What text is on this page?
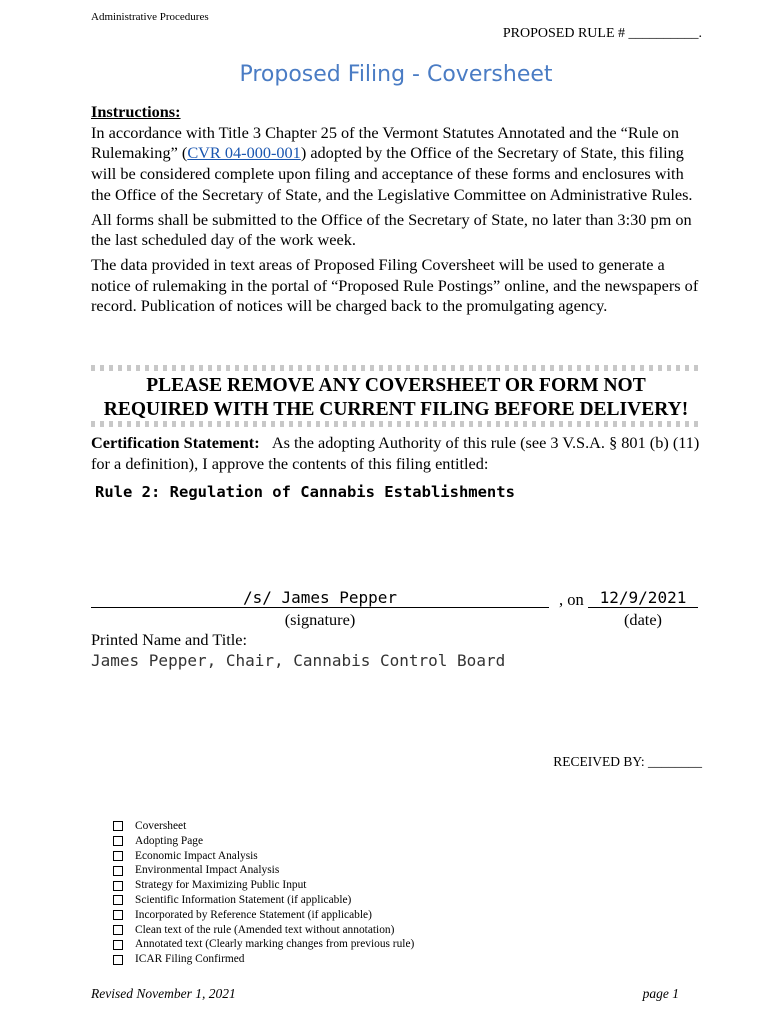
Administrative Procedures
PROPOSED RULE # __________.
Proposed Filing - Coversheet
Instructions:

In accordance with Title 3 Chapter 25 of the Vermont Statutes Annotated and the “Rule on Rulemaking” (CVR 04-000-001) adopted by the Office of the Secretary of State, this filing will be considered complete upon filing and acceptance of these forms and enclosures with the Office of the Secretary of State, and the Legislative Committee on Administrative Rules.

All forms shall be submitted to the Office of the Secretary of State, no later than 3:30 pm on the last scheduled day of the work week.

The data provided in text areas of Proposed Filing Coversheet will be used to generate a notice of rulemaking in the portal of “Proposed Rule Postings” online, and the newspapers of record. Publication of notices will be charged back to the promulgating agency.

PLEASE REMOVE ANY COVERSHEET OR FORM NOT
REQUIRED WITH THE CURRENT FILING BEFORE DELIVERY!
Certification Statement: As the adopting Authority of this rule (see 3 V.S.A. § 801 (b) (11) for a definition), I approve the contents of this filing entitled:
Rule 2: Regulation of Cannabis Establishments
/s/ James Pepper	, on 12/9/2021
(signature)	(date)
Printed Name and Title:
James Pepper, Chair, Cannabis Control Board
RECEIVED BY: ________
Coversheet
Adopting Page
Economic Impact Analysis
Environmental Impact Analysis
Strategy for Maximizing Public Input
Scientific Information Statement (if applicable)
Incorporated by Reference Statement (if applicable)
Clean text of the rule (Amended text without annotation)
Annotated text (Clearly marking changes from previous rule)
ICAR Filing Confirmed
Revised November 1, 2021	page 1
